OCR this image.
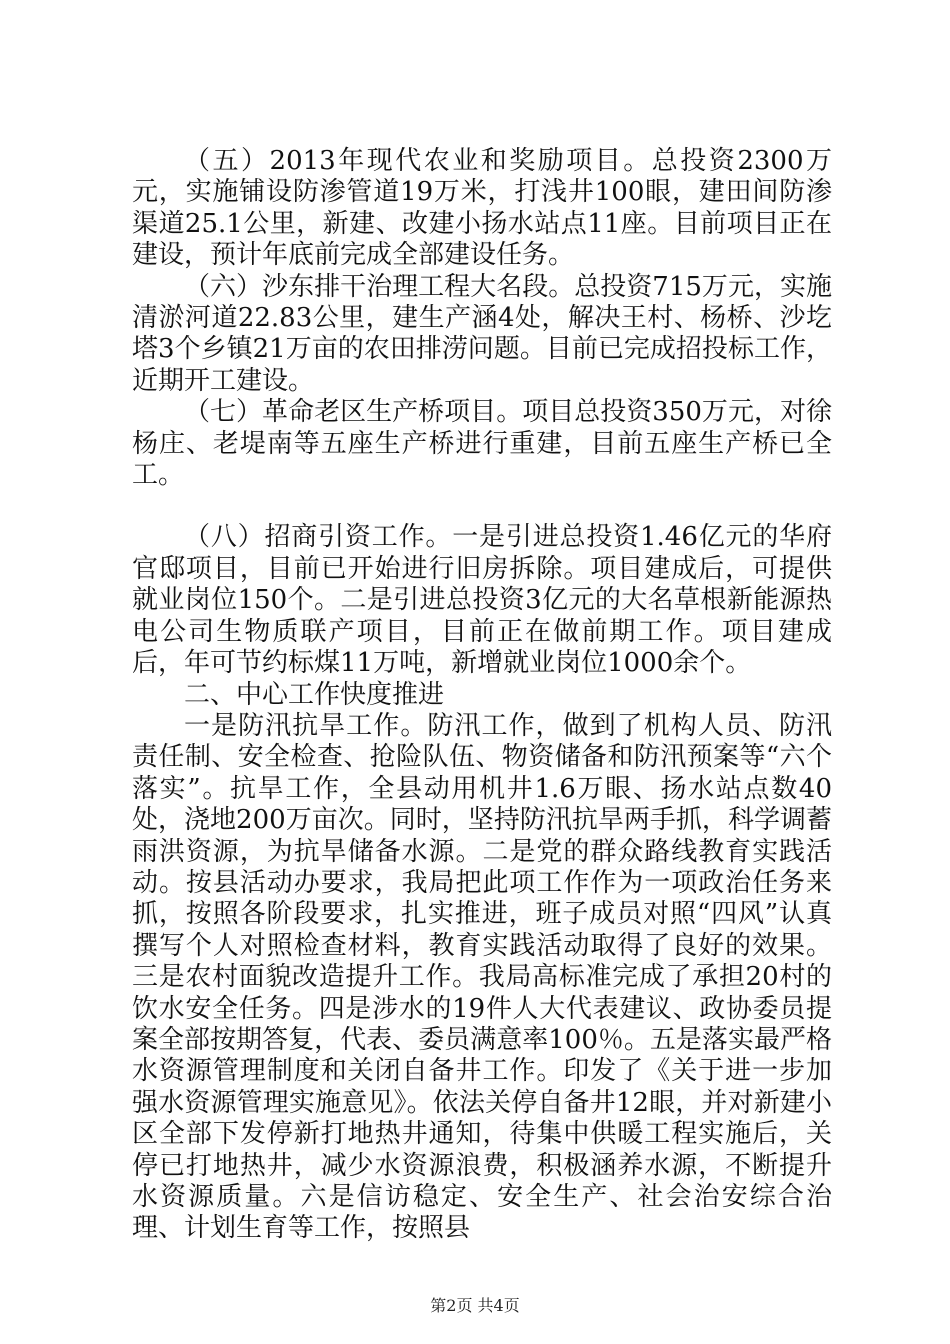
（五）2013年现代农业和奖励项目。总投资2300万元，实施铺设防渗管道19万米，打浅井100眼，建田间防渗渠道25.1公里，新建、改建小扬水站点11座。目前项目正在建设，预计年底前完成全部建设任务。

（六）沙东排干治理工程大名段。总投资715万元，实施清淤河道22.83公里，建生产涵4处，解决王村、杨桥、沙圪塔3个乡镇21万亩的农田排涝问题。目前已完成招投标工作，近期开工建设。

（七）革命老区生产桥项目。项目总投资350万元，对徐杨庄、老堤南等五座生产桥进行重建，目前五座生产桥已全工。

（八）招商引资工作。一是引进总投资1.46亿元的华府官邸项目，目前已开始进行旧房拆除。项目建成后，可提供就业岗位150个。二是引进总投资3亿元的大名草根新能源热电公司生物质联产项目，目前正在做前期工作。项目建成后，年可节约标煤11万吨，新增就业岗位1000余个。

二、中心工作快度推进

一是防汛抗旱工作。防汛工作，做到了机构人员、防汛责任制、安全检查、抢险队伍、物资储备和防汛预案等“六个落实”。抗旱工作，全县动用机井1.6万眼、扬水站点数40处，浇地200万亩次。同时，坚持防汛抗旱两手抓，科学调蓄雨洪资源，为抗旱储备水源。二是党的群众路线教育实践活动。按县活动办要求，我局把此项工作作为一项政治任务来抓，按照各阶段要求，扎实推进，班子成员对照“四风”认真撰写个人对照检查材料，教育实践活动取得了良好的效果。三是农村面貌改造提升工作。我局高标准完成了承担20村的饮水安全任务。四是涉水的19件人大代表建议、政协委员提案全部按期答复，代表、委员满意率100％。五是落实最严格水资源管理制度和关闭自备井工作。印发了《关于进一步加强水资源管理实施意见》。依法关停自备井12眼，并对新建小区全部下发停新打地热井通知，待集中供暖工程实施后，关停已打地热井，减少水资源浪费，积极涵养水源，不断提升水资源质量。六是信访稳定、安全生产、社会治安综合治理、计划生育等工作，按照县

第2页 共4页
